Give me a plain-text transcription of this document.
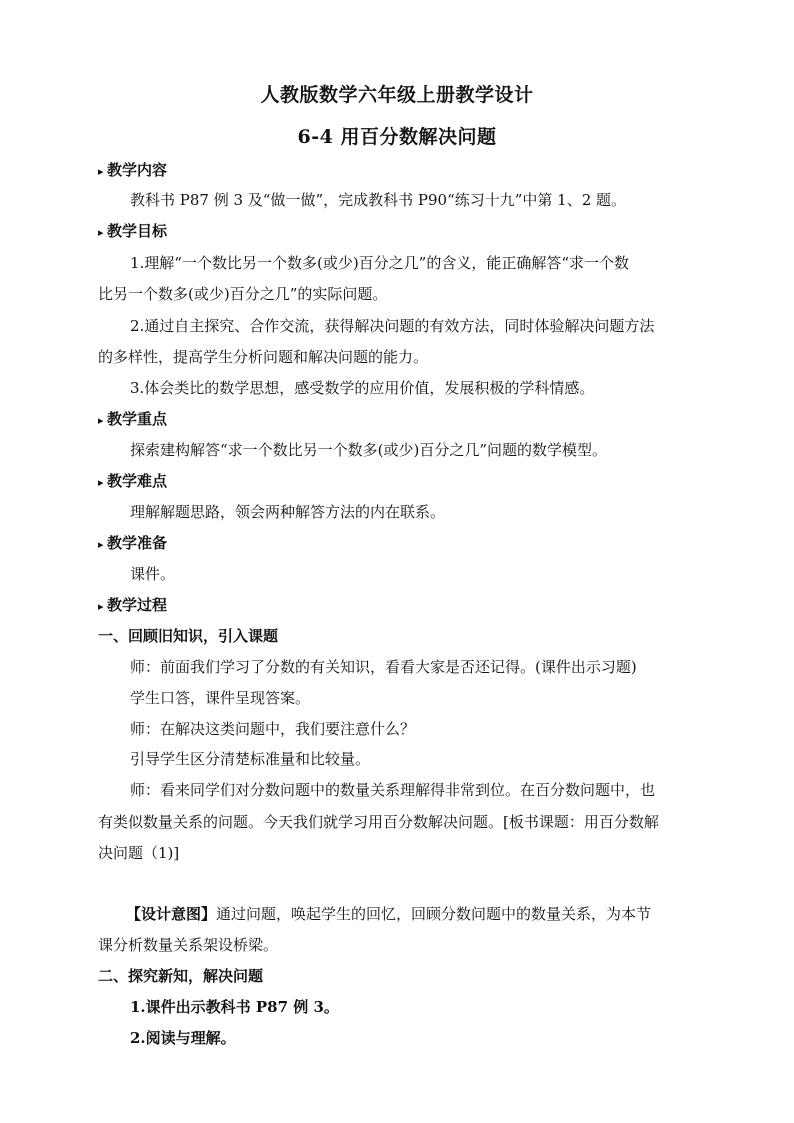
人教版数学六年级上册教学设计
6-4 用百分数解决问题
▸ 教学内容
教科书 P87 例 3 及“做一做”，完成教科书 P90“练习十九”中第 1、2 题。
▸ 教学目标
1.理解“一个数比另一个数多(或少)百分之几”的含义，能正确解答“求一个数
比另一个数多(或少)百分之几”的实际问题。
2.通过自主探究、合作交流，获得解决问题的有效方法，同时体验解决问题方法
的多样性，提高学生分析问题和解决问题的能力。
3.体会类比的数学思想，感受数学的应用价值，发展积极的学科情感。
▸ 教学重点
探索建构解答“求一个数比另一个数多(或少)百分之几”问题的数学模型。
▸ 教学难点
理解解题思路，领会两种解答方法的内在联系。
▸ 教学准备
课件。
▸ 教学过程
一、回顾旧知识，引入课题
师：前面我们学习了分数的有关知识，看看大家是否还记得。(课件出示习题)
学生口答，课件呈现答案。
师：在解决这类问题中，我们要注意什么？
引导学生区分清楚标准量和比较量。
师：看来同学们对分数问题中的数量关系理解得非常到位。在百分数问题中，也
有类似数量关系的问题。今天我们就学习用百分数解决问题。[板书课题：用百分数解
决问题（1)]
【设计意图】通过问题，唤起学生的回忆，回顾分数问题中的数量关系，为本节
课分析数量关系架设桥梁。
二、探究新知，解决问题
1.课件出示教科书 P87 例 3。
2.阅读与理解。
